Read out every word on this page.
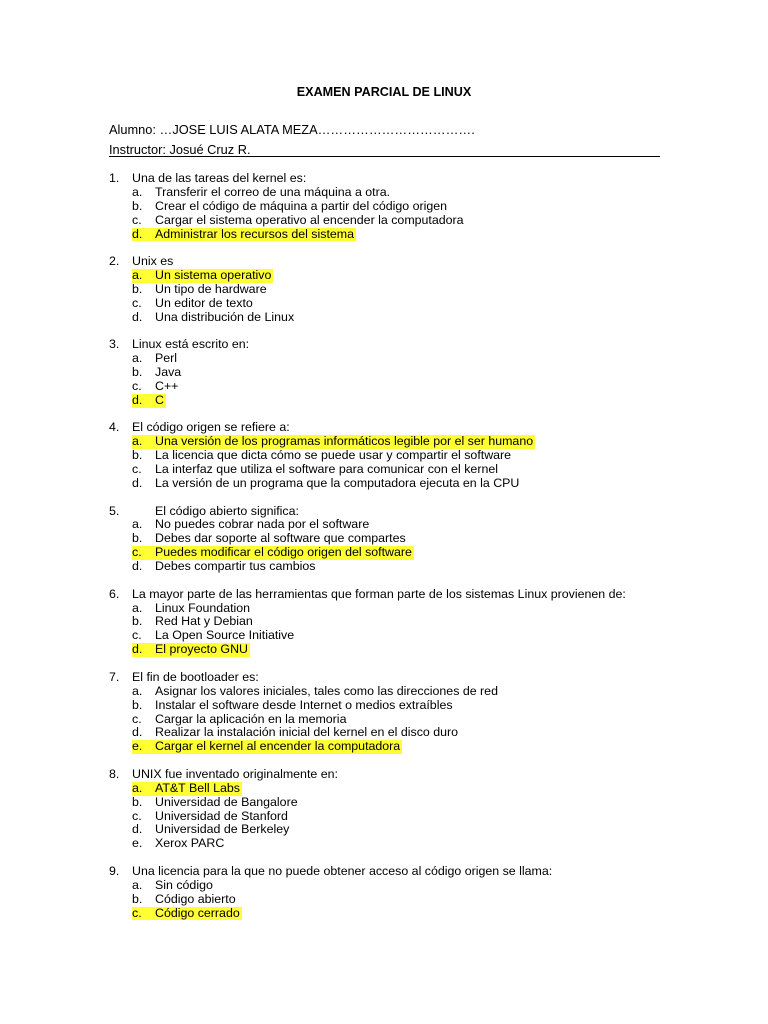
EXAMEN PARCIAL DE LINUX
Alumno: …JOSE LUIS ALATA MEZA……………………………….
Instructor: Josué Cruz R.
1.	Una de las tareas del kernel es:
a.	Transferir el correo de una máquina a otra.
b.	Crear el código de máquina a partir del código origen
c.	Cargar el sistema operativo al encender la computadora
d.	Administrar los recursos del sistema
2.	Unix es
a.	Un sistema operativo
b.	Un tipo de hardware
c.	Un editor de texto
d.	Una distribución de Linux
3.	Linux está escrito en:
a.	Perl
b.	Java
c.	C++
d.	C
4.	El código origen se refiere a:
a.	Una versión de los programas informáticos legible por el ser humano
b.	La licencia que dicta cómo se puede usar y compartir el software
c.	La interfaz que utiliza el software para comunicar con el kernel
d.	La versión de un programa que la computadora ejecuta en la CPU
5.	El código abierto significa:
a.	No puedes cobrar nada por el software
b.	Debes dar soporte al software que compartes
c.	Puedes modificar el código origen del software
d.	Debes compartir tus cambios
6.	La mayor parte de las herramientas que forman parte de los sistemas Linux provienen de:
a.	Linux Foundation
b.	Red Hat y Debian
c.	La Open Source Initiative
d.	El proyecto GNU
7.	El fin de bootloader es:
a.	Asignar los valores iniciales, tales como las direcciones de red
b.	Instalar el software desde Internet o medios extraíbles
c.	Cargar la aplicación en la memoria
d.	Realizar la instalación inicial del kernel en el disco duro
e.	Cargar el kernel al encender la computadora
8.	UNIX fue inventado originalmente en:
a.	AT&T Bell Labs
b.	Universidad de Bangalore
c.	Universidad de Stanford
d.	Universidad de Berkeley
e.	Xerox PARC
9.	Una licencia para la que no puede obtener acceso al código origen se llama:
a.	Sin código
b.	Código abierto
c.	Código cerrado
